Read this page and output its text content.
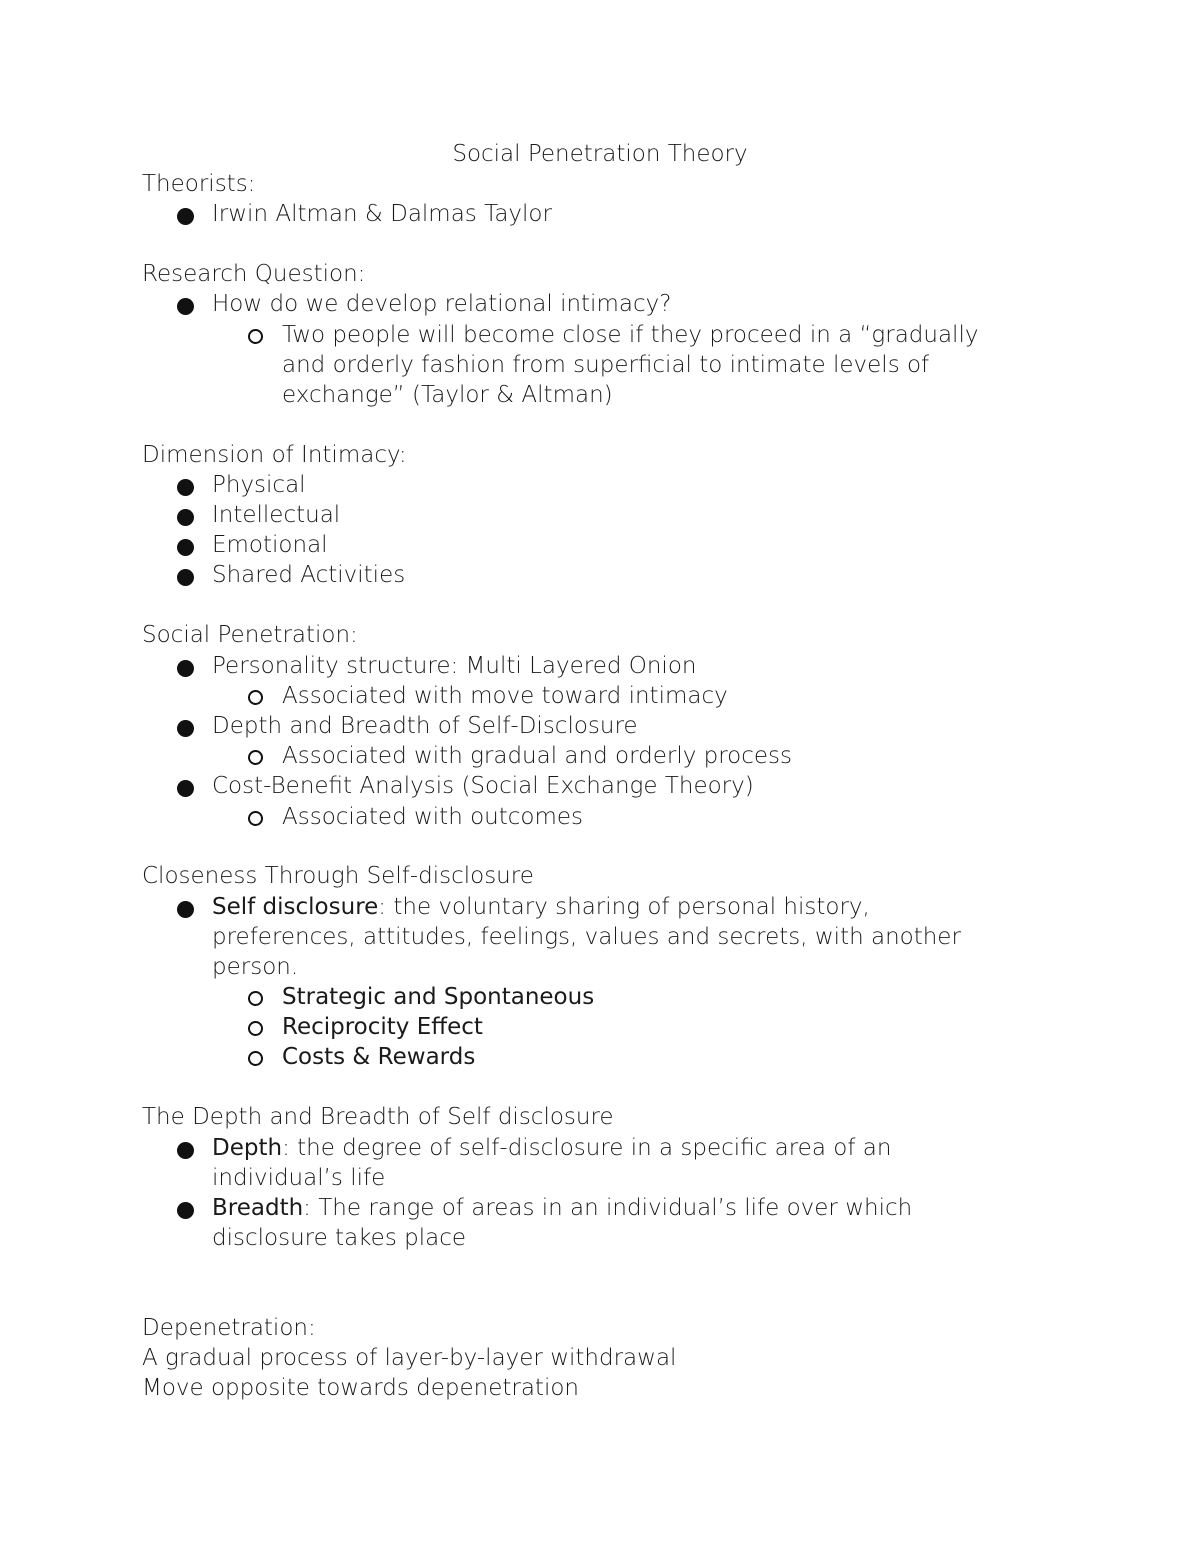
Social Penetration Theory
Theorists:
Irwin Altman & Dalmas Taylor
Research Question:
How do we develop relational intimacy?
Two people will become close if they proceed in a “gradually
and orderly fashion from superficial to intimate levels of
exchange” (Taylor & Altman)
Dimension of Intimacy:
Physical
Intellectual
Emotional
Shared Activities
Social Penetration:
Personality structure: Multi Layered Onion
Associated with move toward intimacy
Depth and Breadth of Self-Disclosure
Associated with gradual and orderly process
Cost-Benefit Analysis (Social Exchange Theory)
Associated with outcomes
Closeness Through Self-disclosure
Self disclosure: the voluntary sharing of personal history,
preferences, attitudes, feelings, values and secrets, with another
person.
Strategic and Spontaneous
Reciprocity Effect
Costs & Rewards
The Depth and Breadth of Self disclosure
Depth: the degree of self-disclosure in a specific area of an
individual’s life
Breadth: The range of areas in an individual’s life over which
disclosure takes place
Depenetration:
A gradual process of layer-by-layer withdrawal
Move opposite towards depenetration
